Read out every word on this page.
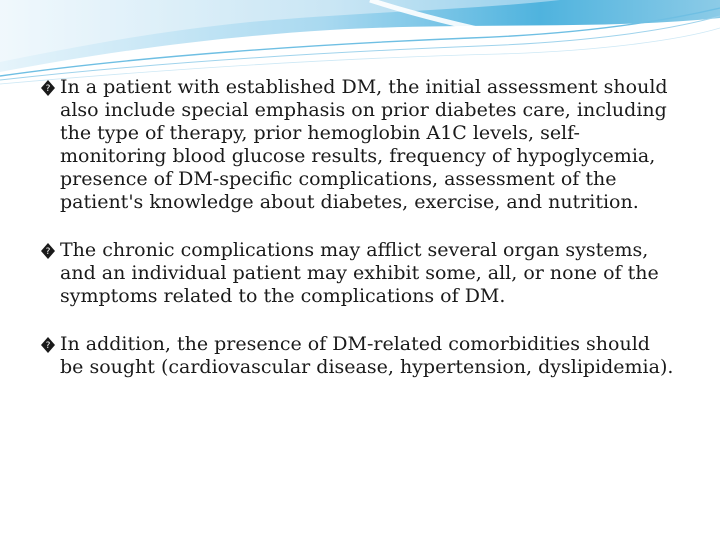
? In a patient with established DM, the initial assessment should also include special emphasis on prior diabetes care, including the type of therapy, prior hemoglobin A1C levels, self-monitoring blood glucose results, frequency of hypoglycemia, presence of DM-specific complications, assessment of the patient's knowledge about diabetes, exercise, and nutrition.

? The chronic complications may afflict several organ systems, and an individual patient may exhibit some, all, or none of the symptoms related to the complications of DM.

? In addition, the presence of DM-related comorbidities should be sought (cardiovascular disease, hypertension, dyslipidemia).
